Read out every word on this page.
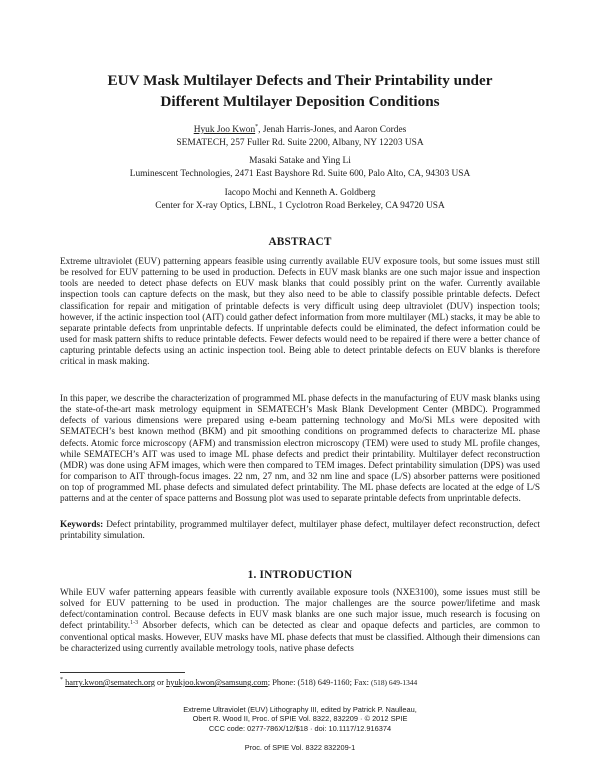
EUV Mask Multilayer Defects and Their Printability under
Different Multilayer Deposition Conditions
Hyuk Joo Kwon*, Jenah Harris-Jones, and Aaron Cordes
SEMATECH, 257 Fuller Rd. Suite 2200, Albany, NY 12203 USA
Masaki Satake and Ying Li
Luminescent Technologies, 2471 East Bayshore Rd. Suite 600, Palo Alto, CA, 94303 USA
Iacopo Mochi and Kenneth A. Goldberg
Center for X-ray Optics, LBNL, 1 Cyclotron Road Berkeley, CA 94720 USA
ABSTRACT
Extreme ultraviolet (EUV) patterning appears feasible using currently available EUV exposure tools, but some issues must still be resolved for EUV patterning to be used in production. Defects in EUV mask blanks are one such major issue and inspection tools are needed to detect phase defects on EUV mask blanks that could possibly print on the wafer. Currently available inspection tools can capture defects on the mask, but they also need to be able to classify possible printable defects. Defect classification for repair and mitigation of printable defects is very difficult using deep ultraviolet (DUV) inspection tools; however, if the actinic inspection tool (AIT) could gather defect information from more multilayer (ML) stacks, it may be able to separate printable defects from unprintable defects. If unprintable defects could be eliminated, the defect information could be used for mask pattern shifts to reduce printable defects. Fewer defects would need to be repaired if there were a better chance of capturing printable defects using an actinic inspection tool. Being able to detect printable defects on EUV blanks is therefore critical in mask making.
In this paper, we describe the characterization of programmed ML phase defects in the manufacturing of EUV mask blanks using the state-of-the-art mask metrology equipment in SEMATECH’s Mask Blank Development Center (MBDC). Programmed defects of various dimensions were prepared using e-beam patterning technology and Mo/Si MLs were deposited with SEMATECH’s best known method (BKM) and pit smoothing conditions on programmed defects to characterize ML phase defects. Atomic force microscopy (AFM) and transmission electron microscopy (TEM) were used to study ML profile changes, while SEMATECH’s AIT was used to image ML phase defects and predict their printability. Multilayer defect reconstruction (MDR) was done using AFM images, which were then compared to TEM images. Defect printability simulation (DPS) was used for comparison to AIT through-focus images. 22 nm, 27 nm, and 32 nm line and space (L/S) absorber patterns were positioned on top of programmed ML phase defects and simulated defect printability. The ML phase defects are located at the edge of L/S patterns and at the center of space patterns and Bossung plot was used to separate printable defects from unprintable defects.
Keywords: Defect printability, programmed multilayer defect, multilayer phase defect, multilayer defect reconstruction, defect printability simulation.
1. INTRODUCTION
While EUV wafer patterning appears feasible with currently available exposure tools (NXE3100), some issues must still be solved for EUV patterning to be used in production. The major challenges are the source power/lifetime and mask defect/contamination control. Because defects in EUV mask blanks are one such major issue, much research is focusing on defect printability.$^{1-3}$ Absorber defects, which can be detected as clear and opaque defects and particles, are common to conventional optical masks. However, EUV masks have ML phase defects that must be classified. Although their dimensions can be characterized using currently available metrology tools, native phase defects
* harry.kwon@sematech.org or hyukjoo.kwon@samsung.com; Phone: (518) 649-1160; Fax: (518) 649-1344
Extreme Ultraviolet (EUV) Lithography III, edited by Patrick P. Naulleau,
Obert R. Wood II, Proc. of SPIE Vol. 8322, 832209 · © 2012 SPIE
CCC code: 0277-786X/12/$18 · doi: 10.1117/12.916374
Proc. of SPIE Vol. 8322 832209-1
